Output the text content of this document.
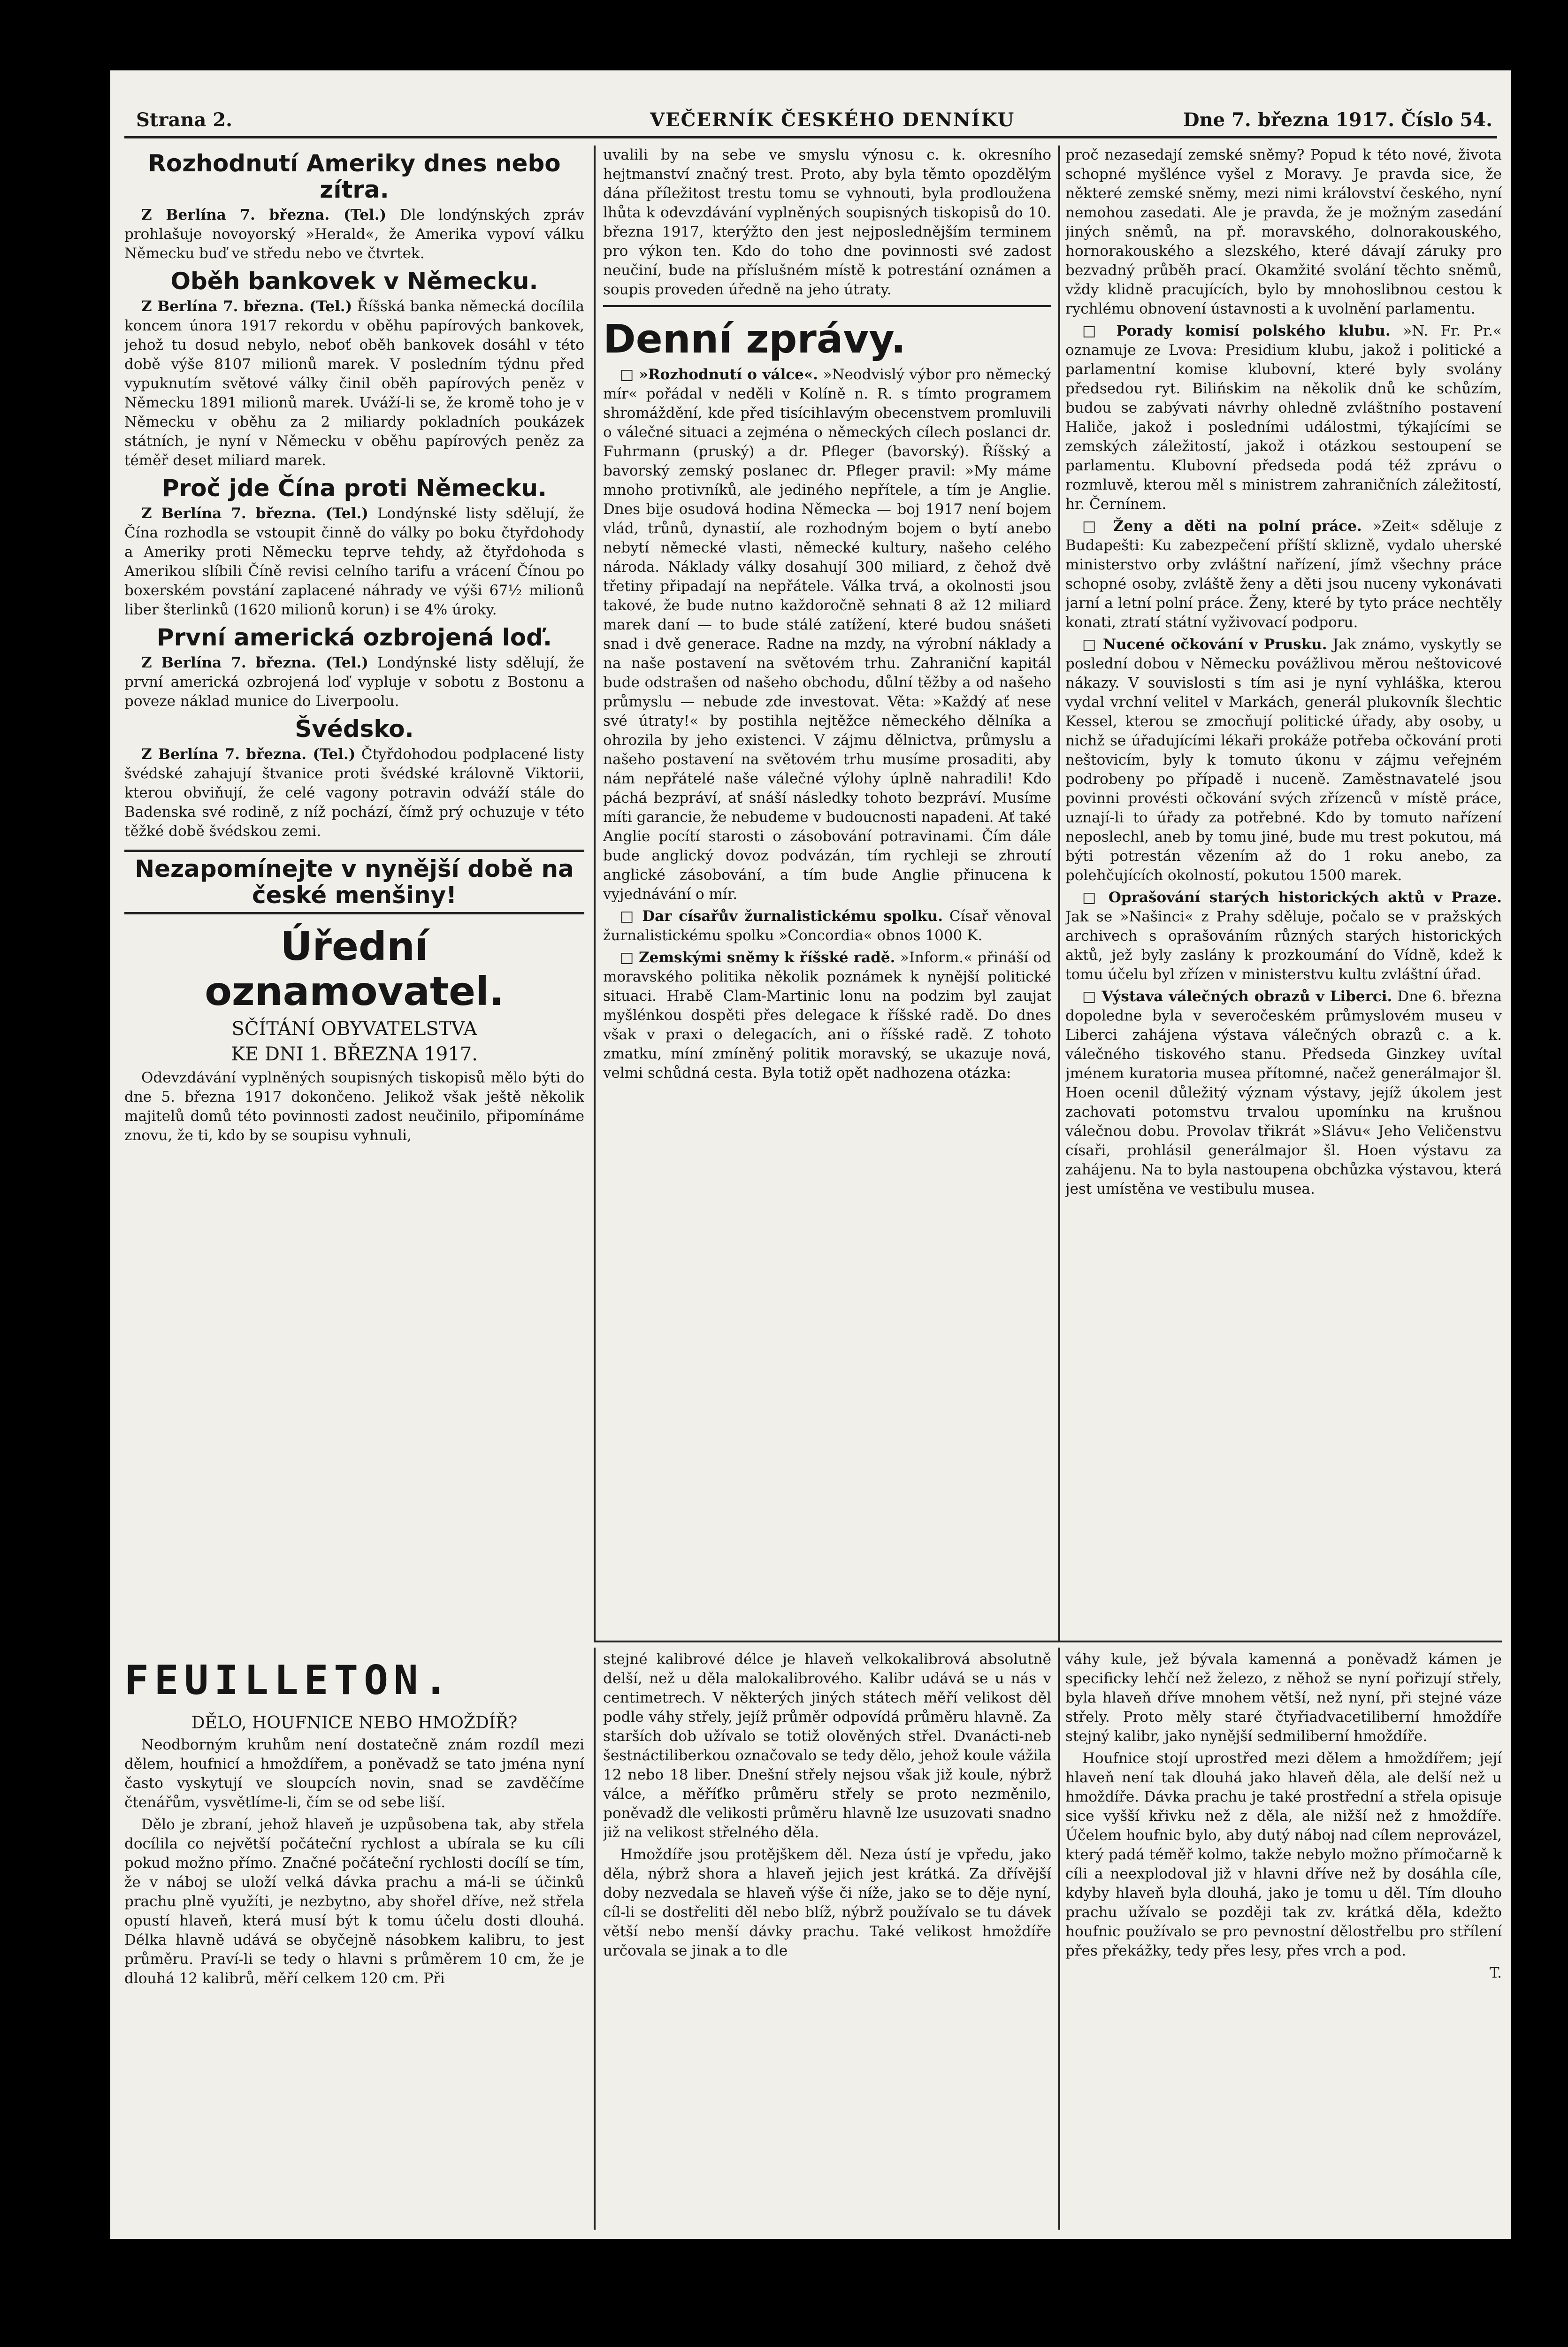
Strana 2.	VEČERNÍK ČESKÉHO DENNÍKU	Dne 7. března 1917. Číslo 54.
Rozhodnutí Ameriky dnes nebo zítra.

Z Berlína 7. března. (Tel.) Dle londýnských zpráv prohlašuje novoyorský »Herald«, že Amerika vypoví válku Německu buď ve středu nebo ve čtvrtek.

Oběh bankovek v Německu.

Z Berlína 7. března. (Tel.) Říšská banka německá docílila koncem února 1917 rekordu v oběhu papírových bankovek, jehož tu dosud nebylo, neboť oběh bankovek dosáhl v této době výše 8107 milionů marek. V posledním týdnu před vypuknutím světové války činil oběh papírových peněz v Německu 1891 milionů marek. Uváží-li se, že kromě toho je v Německu v oběhu za 2 miliardy pokladních poukázek státních, je nyní v Německu v oběhu papírových peněz za téměř deset miliard marek.

Proč jde Čína proti Německu.

Z Berlína 7. března. (Tel.) Londýnské listy sdělují, že Čína rozhodla se vstoupit činně do války po boku čtyřdohody a Ameriky proti Německu teprve tehdy, až čtyřdohoda s Amerikou slíbili Číně revisi celního tarifu a vrácení Čínou po boxerském povstání zaplacené náhrady ve výši 67½ milionů liber šterlinků (1620 milionů korun) i se 4% úroky.

První americká ozbrojená loď.

Z Berlína 7. března. (Tel.) Londýnské listy sdělují, že první americká ozbrojená loď vypluje v sobotu z Bostonu a poveze náklad munice do Liverpoolu.

Švédsko.

Z Berlína 7. března. (Tel.) Čtyřdohodou podplacené listy švédské zahajují štvanice proti švédské královně Viktorii, kterou obviňují, že celé vagony potravin odváží stále do Badenska své rodině, z níž pochází, čímž prý ochuzuje v této těžké době švédskou zemi.

Nezapomínejte v nynější době na české menšiny!
Úřední oznamovatel.

SČÍTÁNÍ OBYVATELSTVA

KE DNI 1. BŘEZNA 1917.

Odevzdávání vyplněných soupisných tiskopisů mělo býti do dne 5. března 1917 dokončeno. Jelikož však ještě několik majitelů domů této povinnosti zadost neučinilo, připomínáme znovu, že ti, kdo by se soupisu vyhnuli,

uvalili by na sebe ve smyslu výnosu c. k. okresního hejtmanství značný trest. Proto, aby byla těmto opozdělým dána příležitost trestu tomu se vyhnouti, byla prodloužena lhůta k odevzdávání vyplněných soupisných tiskopisů do 10. března 1917, kterýžto den jest nejposlednějším terminem pro výkon ten. Kdo do toho dne povinnosti své zadost neučiní, bude na příslušném místě k potrestání oznámen a soupis proveden úředně na jeho útraty.

Denní zprávy.

□ »Rozhodnutí o válce«. »Neodvislý výbor pro německý mír« pořádal v neděli v Kolíně n. R. s tímto programem shromáždění, kde před tisícihlavým obecenstvem promluvili o válečné situaci a zejména o německých cílech poslanci dr. Fuhrmann (pruský) a dr. Pfleger (bavorský). Říšský a bavorský zemský poslanec dr. Pfleger pravil: »My máme mnoho protivníků, ale jediného nepřítele, a tím je Anglie. Dnes bije osudová hodina Německa — boj 1917 není bojem vlád, trůnů, dynastií, ale rozhodným bojem o bytí anebo nebytí německé vlasti, německé kultury, našeho celého národa. Náklady války dosahují 300 miliard, z čehož dvě třetiny připadají na nepřátele. Válka trvá, a okolnosti jsou takové, že bude nutno každoročně sehnati 8 až 12 miliard marek daní — to bude stálé zatížení, které budou snášeti snad i dvě generace. Radne na mzdy, na výrobní náklady a na naše postavení na světovém trhu. Zahraniční kapitál bude odstrašen od našeho obchodu, důlní těžby a od našeho průmyslu — nebude zde investovat. Věta: »Každý ať nese své útraty!« by postihla nejtěžce německého dělníka a ohrozila by jeho existenci. V zájmu dělnictva, průmyslu a našeho postavení na světovém trhu musíme prosaditi, aby nám nepřátelé naše válečné výlohy úplně nahradili! Kdo páchá bezpráví, ať snáší následky tohoto bezpráví. Musíme míti garancie, že nebudeme v budoucnosti napadeni. Ať také Anglie pocítí starosti o zásobování potravinami. Čím dále bude anglický dovoz podvázán, tím rychleji se zhroutí anglické zásobování, a tím bude Anglie přinucena k vyjednávání o mír.

□ Dar císařův žurnalistickému spolku. Císař věnoval žurnalistickému spolku »Concordia« obnos 1000 K.

□ Zemskými sněmy k říšské radě. »Inform.« přináší od moravského politika několik poznámek k nynější politické situaci. Hrabě Clam-Martinic lonu na podzim byl zaujat myšlénkou dospěti přes delegace k říšské radě. Do dnes však v praxi o delegacích, ani o říšské radě. Z tohoto zmatku, míní zmíněný politik moravský, se ukazuje nová, velmi schůdná cesta. Byla totiž opět nadhozena otázka:

proč nezasedají zemské sněmy? Popud k této nové, života schopné myšlénce vyšel z Moravy. Je pravda sice, že některé zemské sněmy, mezi nimi království českého, nyní nemohou zasedati. Ale je pravda, že je možným zasedání jiných sněmů, na př. moravského, dolnorakouského, hornorakouského a slezského, které dávají záruky pro bezvadný průběh prací. Okamžité svolání těchto sněmů, vždy klidně pracujících, bylo by mnohoslibnou cestou k rychlému obnovení ústavnosti a k uvolnění parlamentu.

□ Porady komisí polského klubu. »N. Fr. Pr.« oznamuje ze Lvova: Presidium klubu, jakož i politické a parlamentní komise klubovní, které byly svolány předsedou ryt. Bilińskim na několik dnů ke schůzím, budou se zabývati návrhy ohledně zvláštního postavení Haliče, jakož i posledními událostmi, týkajícími se zemských záležitostí, jakož i otázkou sestoupení se parlamentu. Klubovní předseda podá též zprávu o rozmluvě, kterou měl s ministrem zahraničních záležitostí, hr. Černínem.

□ Ženy a děti na polní práce. »Zeit« sděluje z Budapešti: Ku zabezpečení příští sklizně, vydalo uherské ministerstvo orby zvláštní nařízení, jímž všechny práce schopné osoby, zvláště ženy a děti jsou nuceny vykonávati jarní a letní polní práce. Ženy, které by tyto práce nechtěly konati, ztratí státní vyživovací podporu.

□ Nucené očkování v Prusku. Jak známo, vyskytly se poslední dobou v Německu povážlivou měrou neštovicové nákazy. V souvislosti s tím asi je nyní vyhláška, kterou vydal vrchní velitel v Markách, generál plukovník šlechtic Kessel, kterou se zmocňují politické úřady, aby osoby, u nichž se úřadujícími lékaři prokáže potřeba očkování proti neštovicím, byly k tomuto úkonu v zájmu veřejném podrobeny po případě i nuceně. Zaměstnavatelé jsou povinni provésti očkování svých zřízenců v místě práce, uznají-li to úřady za potřebné. Kdo by tomuto nařízení neposlechl, aneb by tomu jiné, bude mu trest pokutou, má býti potrestán vězením až do 1 roku anebo, za polehčujících okolností, pokutou 1500 marek.

□ Oprašování starých historických aktů v Praze. Jak se »Našinci« z Prahy sděluje, počalo se v pražských archivech s oprašováním různých starých historických aktů, jež byly zaslány k prozkoumání do Vídně, kdež k tomu účelu byl zřízen v ministerstvu kultu zvláštní úřad.

□ Výstava válečných obrazů v Liberci. Dne 6. března dopoledne byla v severočeském průmyslovém museu v Liberci zahájena výstava válečných obrazů c. a k. válečného tiskového stanu. Předseda Ginzkey uvítal jménem kuratoria musea přítomné, načež generálmajor šl. Hoen ocenil důležitý význam výstavy, jejíž úkolem jest zachovati potomstvu trvalou upomínku na krušnou válečnou dobu. Provolav třikrát »Slávu« Jeho Veličenstvu císaři, prohlásil generálmajor šl. Hoen výstavu za zahájenu. Na to byla nastoupena obchůzka výstavou, která jest umístěna ve vestibulu musea.

FEUILLETON.

DĚLO, HOUFNICE NEBO HMOŽDÍŘ?

Neodborným kruhům není dostatečně znám rozdíl mezi dělem, houfnicí a hmoždířem, a poněvadž se tato jména nyní často vyskytují ve sloupcích novin, snad se zavděčíme čtenářům, vysvětlíme-li, čím se od sebe liší.

Dělo je zbraní, jehož hlaveň je uzpůsobena tak, aby střela docílila co největší počáteční rychlost a ubírala se ku cíli pokud možno přímo. Značné počáteční rychlosti docílí se tím, že v náboj se uloží velká dávka prachu a má-li se účinků prachu plně využíti, je nezbytno, aby shořel dříve, než střela opustí hlaveň, která musí být k tomu účelu dosti dlouhá. Délka hlavně udává se obyčejně násobkem kalibru, to jest průměru. Praví-li se tedy o hlavni s průměrem 10 cm, že je dlouhá 12 kalibrů, měří celkem 120 cm. Při

stejné kalibrové délce je hlaveň velkokalibrová absolutně delší, než u děla malokalibrového. Kalibr udává se u nás v centimetrech. V některých jiných státech měří velikost děl podle váhy střely, jejíž průměr odpovídá průměru hlavně. Za starších dob užívalo se totiž olověných střel. Dvanácti-neb šestnáctiliberkou označovalo se tedy dělo, jehož koule vážila 12 nebo 18 liber. Dnešní střely nejsou však již koule, nýbrž válce, a měříťko průměru střely se proto nezměnilo, poněvadž dle velikosti průměru hlavně lze usuzovati snadno již na velikost střelného děla.

Hmoždíře jsou protějškem děl. Neza ústí je vpředu, jako děla, nýbrž shora a hlaveň jejich jest krátká. Za dřívější doby nezvedala se hlaveň výše či níže, jako se to děje nyní, cíl-li se dostřeliti děl nebo blíž, nýbrž používalo se tu dávek větší nebo menší dávky prachu. Také velikost hmoždíře určovala se jinak a to dle

váhy kule, jež bývala kamenná a poněvadž kámen je specificky lehčí než železo, z něhož se nyní pořizují střely, byla hlaveň dříve mnohem větší, než nyní, při stejné váze střely. Proto měly staré čtyřiadvacetiliberní hmoždíře stejný kalibr, jako nynější sedmiliberní hmoždíře.

Houfnice stojí uprostřed mezi dělem a hmoždířem; její hlaveň není tak dlouhá jako hlaveň děla, ale delší než u hmoždíře. Dávka prachu je také prostřední a střela opisuje sice vyšší křivku než z děla, ale nižší než z hmoždíře. Účelem houfnic bylo, aby dutý náboj nad cílem neprovázel, který padá téměř kolmo, takže nebylo možno přímočarně k cíli a neexplodoval již v hlavni dříve než by dosáhla cíle, kdyby hlaveň byla dlouhá, jako je tomu u děl. Tím dlouho prachu užívalo se později tak zv. krátká děla, kdežto houfnic používalo se pro pevnostní dělostřelbu pro střílení přes překážky, tedy přes lesy, přes vrch a pod.

T.
